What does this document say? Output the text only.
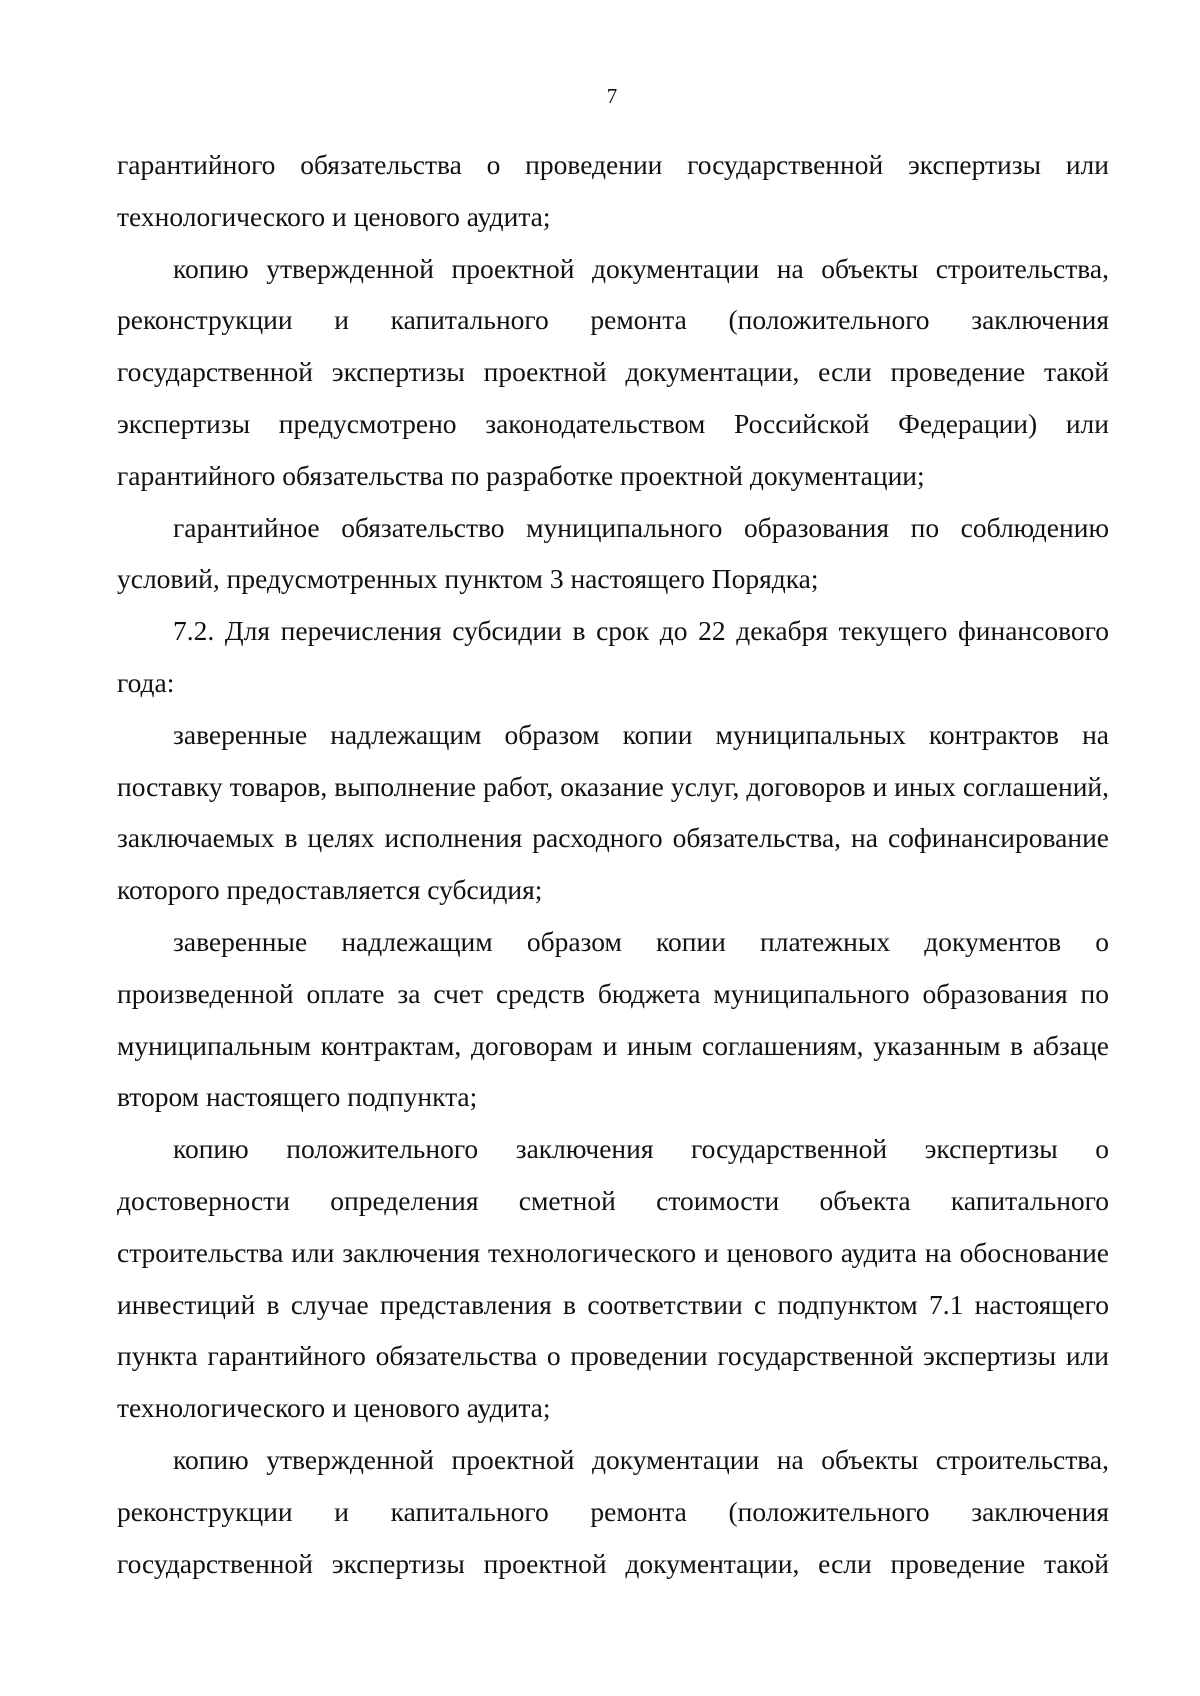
7

гарантийного обязательства о проведении государственной экспертизы или технологического и ценового аудита;

копию утвержденной проектной документации на объекты строительства, реконструкции и капитального ремонта (положительного заключения государственной экспертизы проектной документации, если проведение такой экспертизы предусмотрено законодательством Российской Федерации) или гарантийного обязательства по разработке проектной документации;

гарантийное обязательство муниципального образования по соблюдению условий, предусмотренных пунктом 3 настоящего Порядка;

7.2. Для перечисления субсидии в срок до 22 декабря текущего финансового года:

заверенные надлежащим образом копии муниципальных контрактов на поставку товаров, выполнение работ, оказание услуг, договоров и иных соглашений, заключаемых в целях исполнения расходного обязательства, на софинансирование которого предоставляется субсидия;

заверенные надлежащим образом копии платежных документов о произведенной оплате за счет средств бюджета муниципального образования по муниципальным контрактам, договорам и иным соглашениям, указанным в абзаце втором настоящего подпункта;

копию положительного заключения государственной экспертизы о достоверности определения сметной стоимости объекта капитального строительства или заключения технологического и ценового аудита на обоснование инвестиций в случае представления в соответствии с подпунктом 7.1 настоящего пункта гарантийного обязательства о проведении государственной экспертизы или технологического и ценового аудита;

копию утвержденной проектной документации на объекты строительства, реконструкции и капитального ремонта (положительного заключения государственной экспертизы проектной документации, если проведение такой
